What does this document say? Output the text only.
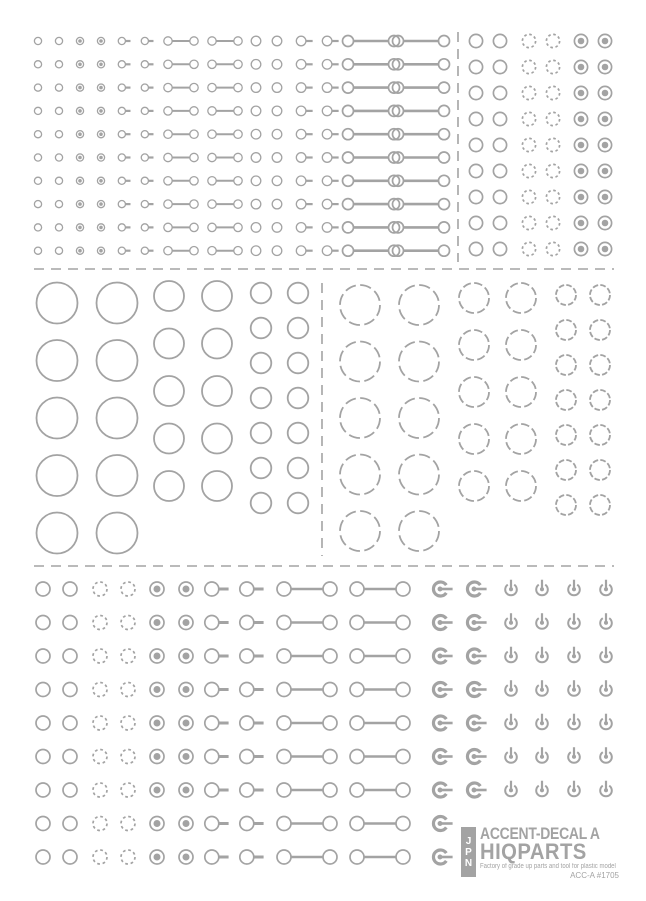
J
P
N
ACCENT-DECAL A
HIQPARTS
Factory of grade up parts and tool for plastic model
ACC-A #1705
